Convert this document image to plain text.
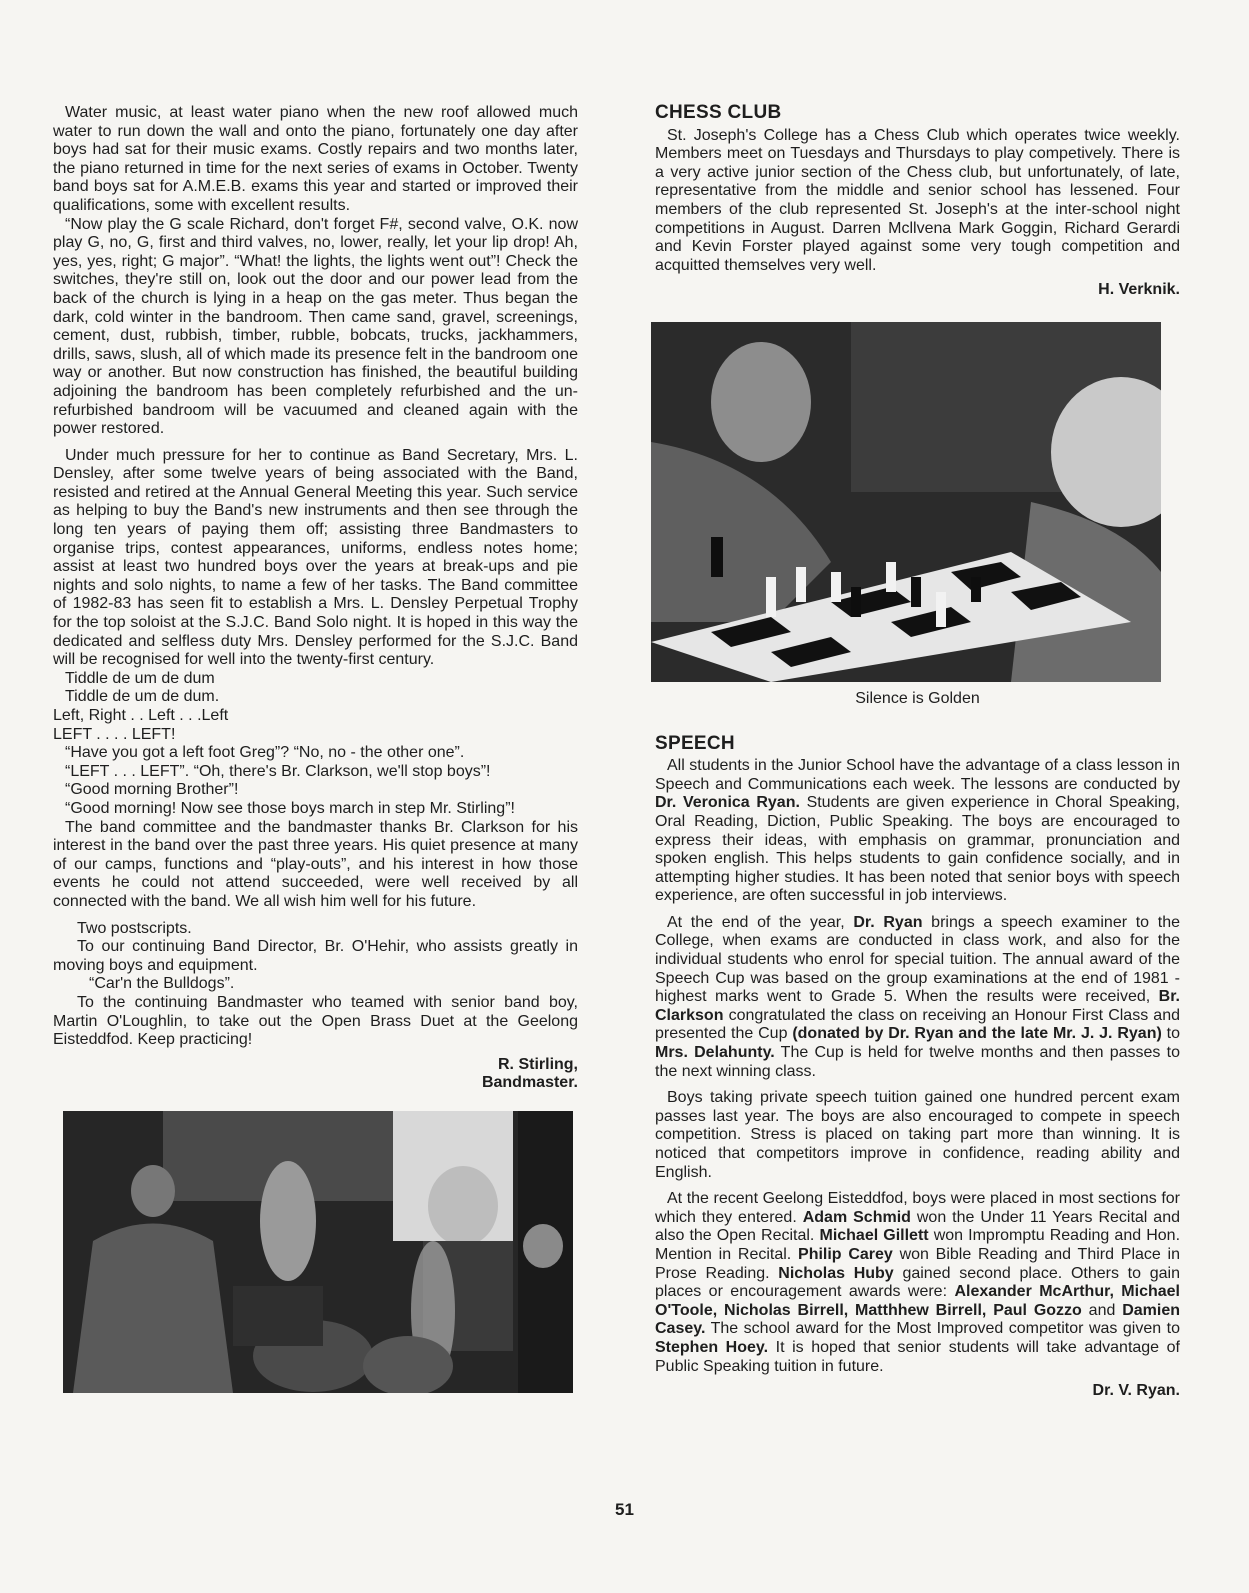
Water music, at least water piano when the new roof allowed much water to run down the wall and onto the piano, fortunately one day after boys had sat for their music exams. Costly repairs and two months later, the piano returned in time for the next series of exams in October. Twenty band boys sat for A.M.E.B. exams this year and started or improved their qualifications, some with excellent results.

“Now play the G scale Richard, don't forget F#, second valve, O.K. now play G, no, G, first and third valves, no, lower, really, let your lip drop! Ah, yes, yes, right; G major”. “What! the lights, the lights went out”! Check the switches, they're still on, look out the door and our power lead from the back of the church is lying in a heap on the gas meter. Thus began the dark, cold winter in the bandroom. Then came sand, gravel, screenings, cement, dust, rubbish, timber, rubble, bobcats, trucks, jackhammers, drills, saws, slush, all of which made its presence felt in the bandroom one way or another. But now construction has finished, the beautiful building adjoining the bandroom has been completely refurbished and the un-refurbished bandroom will be vacuumed and cleaned again with the power restored.

Under much pressure for her to continue as Band Secretary, Mrs. L. Densley, after some twelve years of being associated with the Band, resisted and retired at the Annual General Meeting this year. Such service as helping to buy the Band's new instruments and then see through the long ten years of paying them off; assisting three Bandmasters to organise trips, contest appearances, uniforms, endless notes home; assist at least two hundred boys over the years at break-ups and pie nights and solo nights, to name a few of her tasks. The Band committee of 1982-83 has seen fit to establish a Mrs. L. Densley Perpetual Trophy for the top soloist at the S.J.C. Band Solo night. It is hoped in this way the dedicated and selfless duty Mrs. Densley performed for the S.J.C. Band will be recognised for well into the twenty-first century.

Tiddle de um de dum

Tiddle de um de dum.

Left, Right . . Left . . .Left

LEFT . . . . LEFT!

“Have you got a left foot Greg”? “No, no - the other one”.

“LEFT . . . LEFT”. “Oh, there's Br. Clarkson, we'll stop boys”!

“Good morning Brother”!

“Good morning! Now see those boys march in step Mr. Stirling”!

The band committee and the bandmaster thanks Br. Clarkson for his interest in the band over the past three years. His quiet presence at many of our camps, functions and “play-outs”, and his interest in how those events he could not attend succeeded, were well received by all connected with the band. We all wish him well for his future.

Two postscripts.

To our continuing Band Director, Br. O'Hehir, who assists greatly in moving boys and equipment.

“Car'n the Bulldogs”.

To the continuing Bandmaster who teamed with senior band boy, Martin O'Loughlin, to take out the Open Brass Duet at the Geelong Eisteddfod. Keep practicing!

R. Stirling,

Bandmaster.

CHESS CLUB

St. Joseph's College has a Chess Club which operates twice weekly. Members meet on Tuesdays and Thursdays to play competively. There is a very active junior section of the Chess club, but unfortunately, of late, representative from the middle and senior school has lessened. Four members of the club represented St. Joseph's at the inter-school night competitions in August. Darren Mcllvena Mark Goggin, Richard Gerardi and Kevin Forster played against some very tough competition and acquitted themselves very well.

H. Verknik.

Silence is Golden

SPEECH

All students in the Junior School have the advantage of a class lesson in Speech and Communications each week. The lessons are conducted by Dr. Veronica Ryan. Students are given experience in Choral Speaking, Oral Reading, Diction, Public Speaking. The boys are encouraged to express their ideas, with emphasis on grammar, pronunciation and spoken english. This helps students to gain confidence socially, and in attempting higher studies. It has been noted that senior boys with speech experience, are often successful in job interviews.

At the end of the year, Dr. Ryan brings a speech examiner to the College, when exams are conducted in class work, and also for the individual students who enrol for special tuition. The annual award of the Speech Cup was based on the group examinations at the end of 1981 - highest marks went to Grade 5. When the results were received, Br. Clarkson congratulated the class on receiving an Honour First Class and presented the Cup (donated by Dr. Ryan and the late Mr. J. J. Ryan) to Mrs. Delahunty. The Cup is held for twelve months and then passes to the next winning class.

Boys taking private speech tuition gained one hundred percent exam passes last year. The boys are also encouraged to compete in speech competition. Stress is placed on taking part more than winning. It is noticed that competitors improve in confidence, reading ability and English.

At the recent Geelong Eisteddfod, boys were placed in most sections for which they entered. Adam Schmid won the Under 11 Years Recital and also the Open Recital. Michael Gillett won Impromptu Reading and Hon. Mention in Recital. Philip Carey won Bible Reading and Third Place in Prose Reading. Nicholas Huby gained second place. Others to gain places or encouragement awards were: Alexander McArthur, Michael O'Toole, Nicholas Birrell, Matthhew Birrell, Paul Gozzo and Damien Casey. The school award for the Most Improved competitor was given to Stephen Hoey. It is hoped that senior students will take advantage of Public Speaking tuition in future.

Dr. V. Ryan.

51
